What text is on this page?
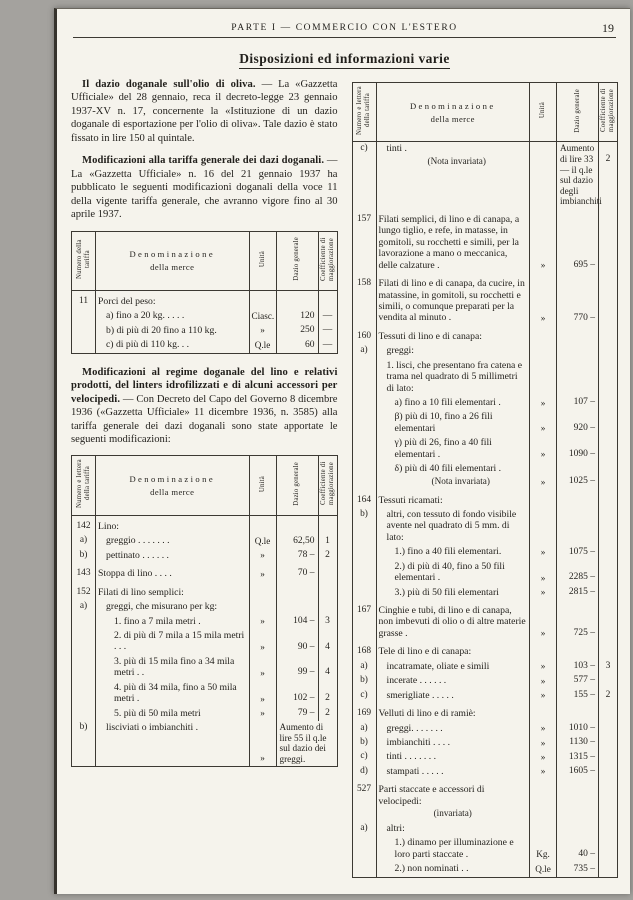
PARTE I — COMMERCIO CON L'ESTERO	19
Disposizioni ed informazioni varie

Il dazio doganale sull'olio di oliva. — La «Gazzetta Ufficiale» del 28 gennaio, reca il decreto-legge 23 gennaio 1937-XV n. 17, concernente la «Istituzione di un dazio doganale di esportazione per l'olio di oliva». Tale dazio è stato fissato in lire 150 al quintale.

Modificazioni alla tariffa generale dei dazi doganali. — La «Gazzetta Ufficiale» n. 16 del 21 gennaio 1937 ha pubblicato le seguenti modificazioni doganali della voce 11 della vigente tariffa generale, che avranno vigore fino al 30 aprile 1937.

Numero della tariffa	Denominazione
della merce	Unità	Dazio generale	Coefficiente di maggiorazione
11	Porci del peso:			
	a) fino a 20 kg. . . . .	Ciasc.	120	—
	b) di più di 20 fino a 110 kg.	»	250	—
	c) di più di 110 kg. . .	Q.le	60	—

Modificazioni al regime doganale del lino e relativi prodotti, del linters idrofilizzati e di alcuni accessori per velocipedi. — Con Decreto del Capo del Governo 8 dicembre 1936 («Gazzetta Ufficiale» 11 dicembre 1936, n. 3585) alla tariffa generale dei dazi doganali sono state apportate le seguenti modificazioni:

Numero e lettera della tariffa	Denominazione
della merce	Unità	Dazio generale	Coefficiente di maggiorazione
142	Lino:			
a)	greggio . . . . . . .	Q.le	62,50	1
b)	pettinato . . . . . .	»	78 –	2
143	Stoppa di lino . . . .	»	70 –	
152	Filati di lino semplici:			
a)	greggi, che misurano per kg:			
	1. fino a 7 mila metri .	»	104 –	3
	2. di più di 7 mila a 15 mila metri . . .	»	90 –	4
	3. più di 15 mila fino a 34 mila metri . .	»	99 –	4
	4. più di 34 mila, fino a 50 mila metri .	»	102 –	2
	5. più di 50 mila metri	»	79 –	2
b)	lisciviati o imbianchiti .	»	Aumento di lire 55 il q.le sul dazio dei greggi.	
Numero e lettera della tariffa	Denominazione
della merce	Unità	Dazio generale	Coefficiente di maggiorazione
c)	tinti .
(Nota invariata)		Aumento di lire 33 — il q.le sul dazio degli imbianchiti	2
157	Filati semplici, di lino e di canapa, a lungo tiglio, e refe, in matasse, in gomitoli, su rocchetti e simili, per la lavorazione a mano o meccanica, delle calzature .	»	695 –	
158	Filati di lino e di canapa, da cucire, in matassine, in gomitoli, su rocchetti e simili, o comunque preparati per la vendita al minuto .	»	770 –	
160	Tessuti di lino e di canapa:			
a)	greggi:			
	1. lisci, che presentano fra catena e trama nel quadrato di 5 millimetri di lato:			
	a) fino a 10 fili elementari .	»	107 –	
	β) più di 10, fino a 26 fili elementari	»	920 –	
	γ) più di 26, fino a 40 fili elementari .	»	1090 –	
	δ) più di 40 fili elementari .
(Nota invariata)	»	1025 –	
164	Tessuti ricamati:			
b)	altri, con tessuto di fondo visibile avente nel quadrato di 5 mm. di lato:			
	1.) fino a 40 fili elementari.	»	1075 –	
	2.) di più di 40, fino a 50 fili elementari .	»	2285 –	
	3.) più di 50 fili elementari	»	2815 –	
167	Cinghie e tubi, di lino e di canapa, non imbevuti di olio o di altre materie grasse .	»	725 –	
168	Tele di lino e di canapa:			
a)	incatramate, oliate e simili	»	103 –	3
b)	incerate . . . . . .	»	577 –	
c)	smerigliate . . . . .	»	155 –	2
169	Velluti di lino e di ramiè:			
a)	greggi. . . . . . .	»	1010 –	
b)	imbianchiti . . . .	»	1130 –	
c)	tinti . . . . . . .	»	1315 –	
d)	stampati . . . . .	»	1605 –	
527	Parti staccate e accessori di velocipedi:
(invariata)			

a)	altri:			
	1.) dinamo per illuminazione e loro parti staccate .	Kg.	40 –	
	2.) non nominati . .	Q.le	735 –	
